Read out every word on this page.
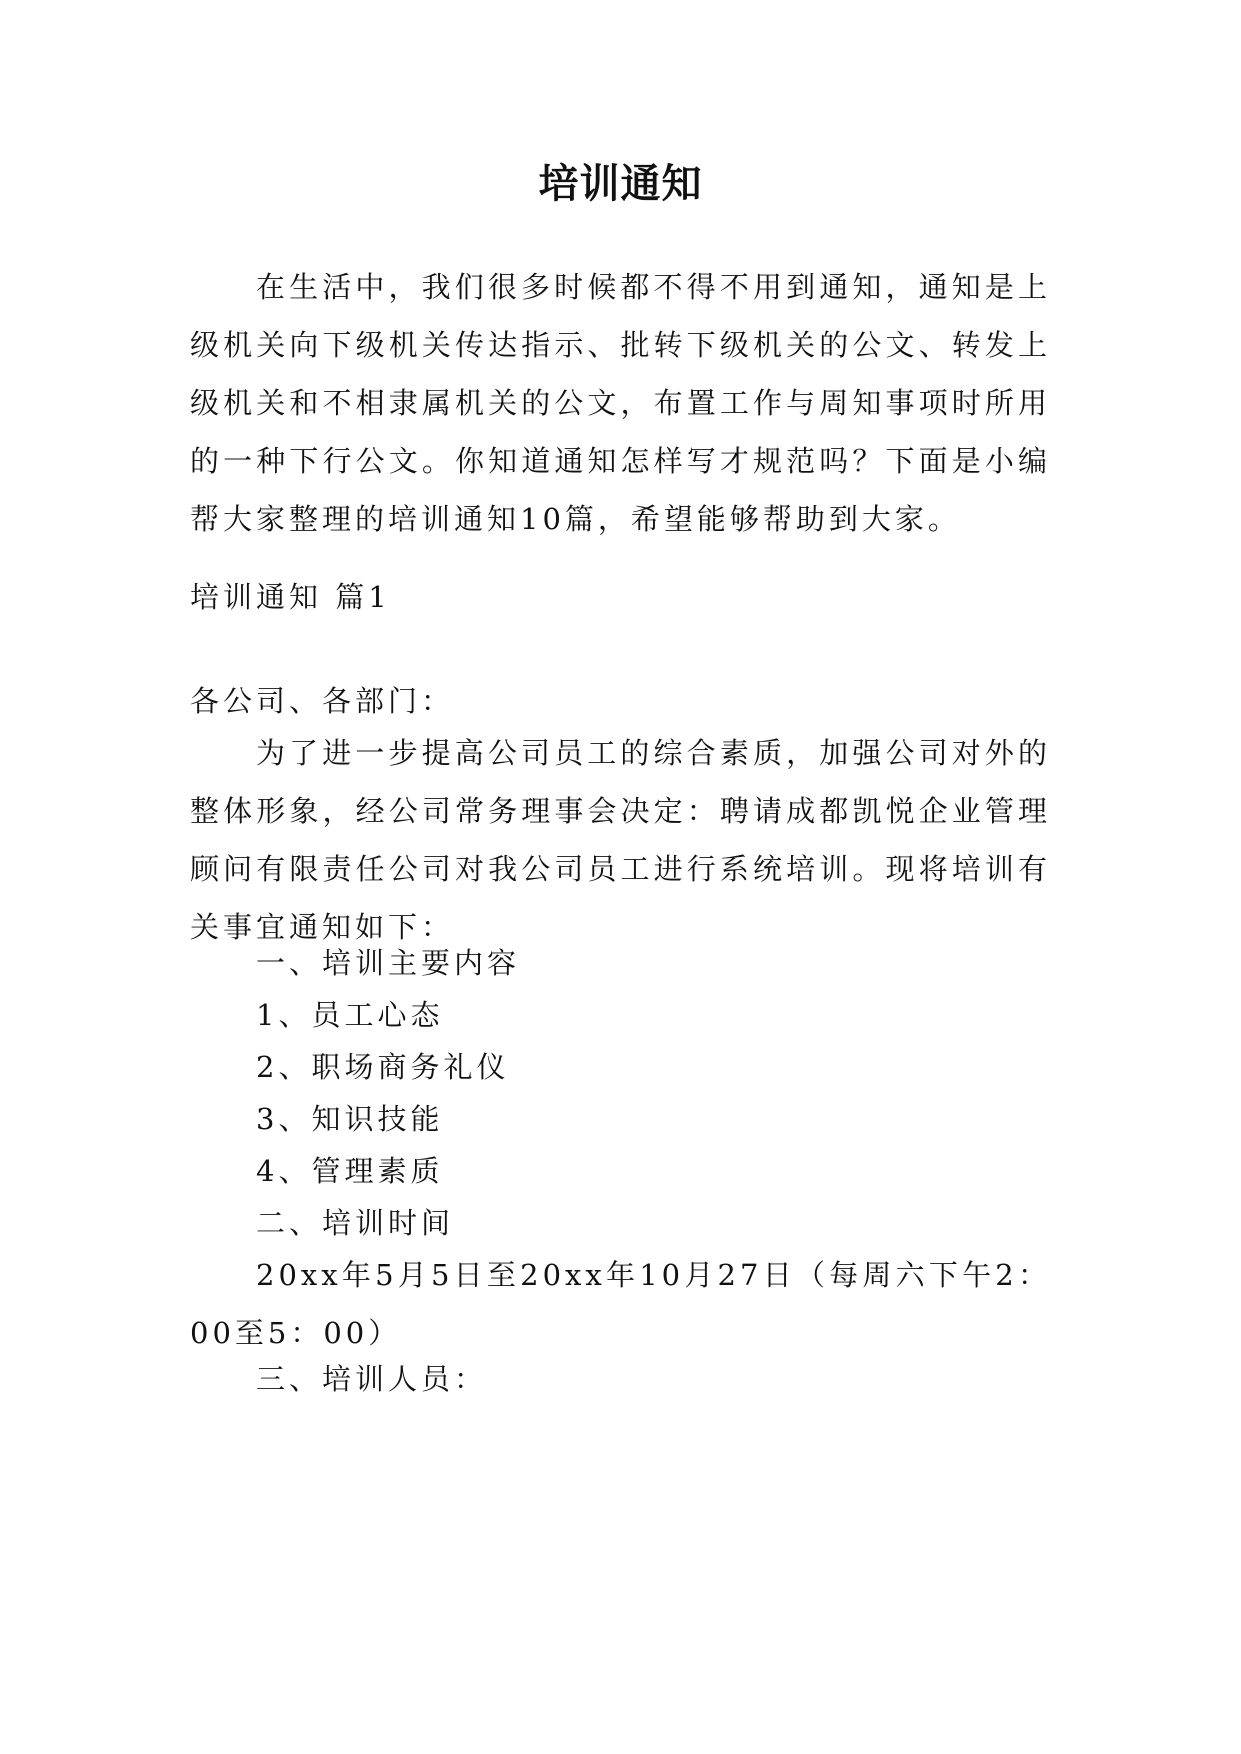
培训通知

在生活中，我们很多时候都不得不用到通知，通知是上级机关向下级机关传达指示、批转下级机关的公文、转发上级机关和不相隶属机关的公文，布置工作与周知事项时所用的一种下行公文。你知道通知怎样写才规范吗？下面是小编帮大家整理的培训通知10篇，希望能够帮助到大家。

培训通知 篇1

各公司、各部门：

为了进一步提高公司员工的综合素质，加强公司对外的整体形象，经公司常务理事会决定：聘请成都凯悦企业管理顾问有限责任公司对我公司员工进行系统培训。现将培训有关事宜通知如下：

一、培训主要内容

1、员工心态

2、职场商务礼仪

3、知识技能

4、管理素质

二、培训时间

20xx年5月5日至20xx年10月27日（每周六下午2：00至5：00）

三、培训人员：
